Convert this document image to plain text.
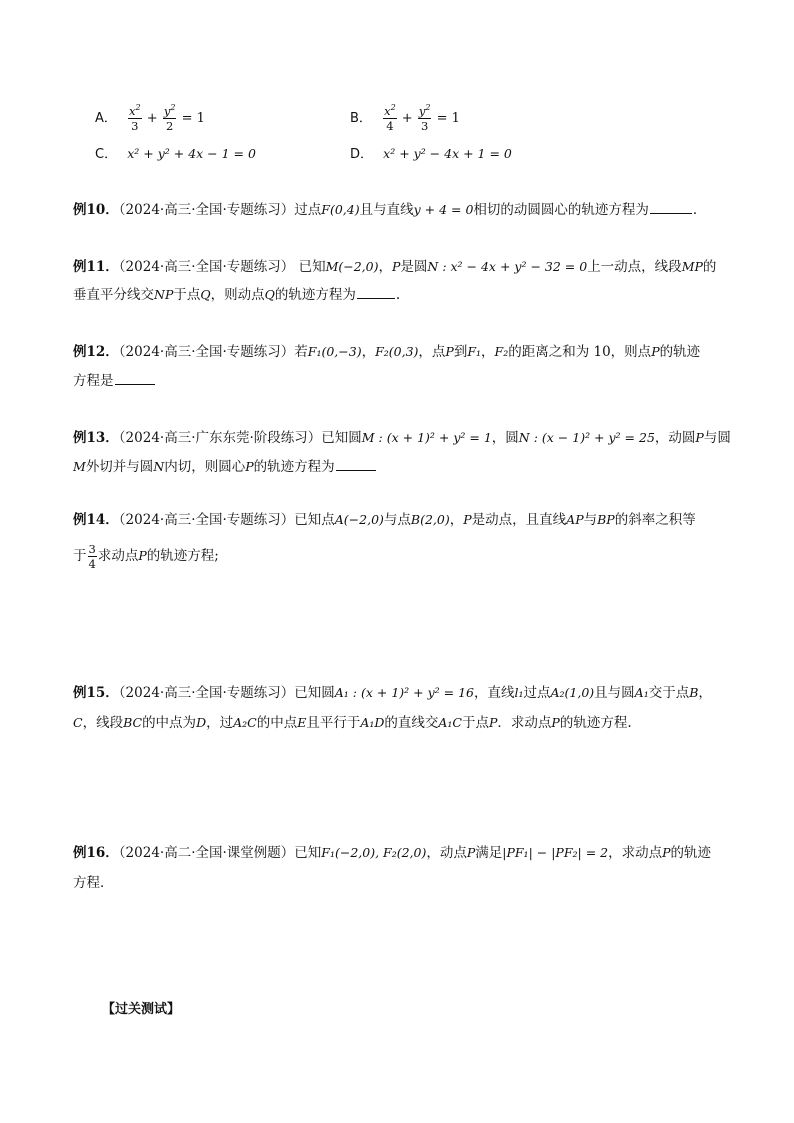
A． $\frac{x^2}{3} + \frac{y^2}{2} = 1$	B． $\frac{x^2}{4} + \frac{y^2}{3} = 1$
C． x² + y² + 4x − 1 = 0	D． x² + y² − 4x + 1 = 0
例10．（2024·高三·全国·专题练习）过点F(0,4)且与直线y + 4 = 0相切的动圆圆心的轨迹方程为	．
例11．（2024·高三·全国·专题练习） 已知M(−2,0)，P是圆N : x² − 4x + y² − 32 = 0上一动点，线段MP的
垂直平分线交NP于点Q，则动点Q的轨迹方程为	.
例12．（2024·高三·全国·专题练习）若F₁(0,−3)，F₂(0,3)，点P到F₁，F₂的距离之和为 10，则点P的轨迹
方程是
例13．（2024·高三·广东东莞·阶段练习）已知圆M : (x + 1)² + y² = 1，圆N : (x − 1)² + y² = 25，动圆P与圆
M外切并与圆N内切，则圆心P的轨迹方程为
例14．（2024·高三·全国·专题练习）已知点A(−2,0)与点B(2,0)，P是动点，且直线AP与BP的斜率之积等
于 $\frac{3}{4}$ 求动点P的轨迹方程;
例15．（2024·高三·全国·专题练习）已知圆A₁ : (x + 1)² + y² = 16，直线l₁过点A₂(1,0)且与圆A₁交于点B，
C，线段BC的中点为D，过A₂C的中点E且平行于A₁D的直线交A₁C于点P．求动点P的轨迹方程.
例16．（2024·高二·全国·课堂例题）已知F₁(−2,0), F₂(2,0)，动点P满足|PF₁| − |PF₂| = 2，求动点P的轨迹
方程．
【过关测试】
